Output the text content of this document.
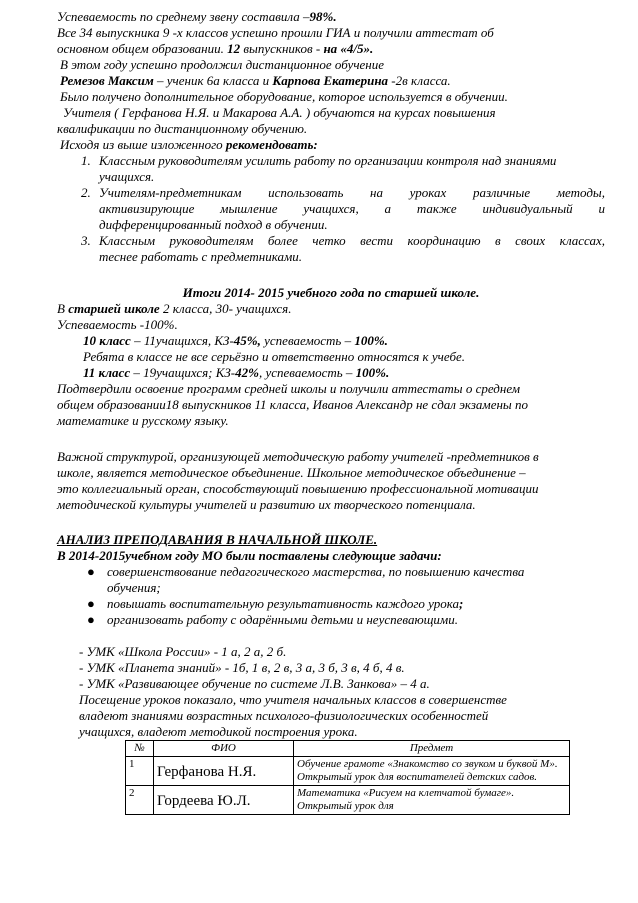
Успеваемость по среднему звену составила –98%.

Все 34 выпускника 9 -х классов успешно прошли ГИА и получили аттестат об

основном общем образовании. 12 выпускников - на «4/5».

В этом году успешно продолжил дистанционное обучение

Ремезов Максим – ученик 6а класса и Карпова Екатерина -2в класса.

Было получено дополнительное оборудование, которое используется в обучении.

Учителя ( Герфанова Н.Я. и Макарова А.А. ) обучаются на курсах повышения

квалификации по дистанционному обучению.

Исходя из выше изложенного рекомендовать:

1. Классным руководителям усилить работу по организации контроля над знаниями
учащихся.
2. Учителям-предметникам использовать на уроках различные методы,
активизирующие мышление учащихся, а также индивидуальный и
дифференцированный подход в обучении.
3. Классным руководителям более четко вести координацию в своих классах,
теснее работать с предметниками.

Итоги 2014- 2015 учебного года по старшей школе.

В старшей школе 2 класса, 30- учащихся.

Успеваемость -100%.

10 класс – 11учащихся, КЗ-45%, успеваемость – 100%.

Ребята в классе не все серьёзно и ответственно относятся к учебе.

11 класс – 19учащихся; КЗ-42%, успеваемость – 100%.

Подтвердили освоение программ средней школы и получили аттестаты о среднем

общем образовании18 выпускников 11 класса, Иванов Александр не сдал экзамены по

математике и русскому языку.

Важной структурой, организующей методическую работу учителей -предметников в

школе, является методическое объединение. Школьное методическое объединение –

это коллегиальный орган, способствующий повышению профессиональной мотивации

методической культуры учителей и развитию их творческого потенциала.

АНАЛИЗ ПРЕПОДАВАНИЯ В НАЧАЛЬНОЙ ШКОЛЕ.

В 2014-2015учебном году МО были поставлены следующие задачи:

● совершенствование педагогического мастерства, по повышению качества
обучения;
● повышать воспитательную результативность каждого урока;
● организовать работу с одарёнными детьми и неуспевающими.

- УМК «Школа России» - 1 а, 2 а, 2 б.

- УМК «Планета знаний» - 1б, 1 в, 2 в, 3 а, 3 б, 3 в, 4 б, 4 в.

- УМК «Развивающее обучение по системе Л.В. Занкова» – 4 а.

Посещение уроков показало, что учителя начальных классов в совершенстве

владеют знаниями возрастных психолого-физиологических особенностей

учащихся, владеют методикой построения урока.

№	ФИО	Предмет
1	Герфанова Н.Я.	Обучение грамоте «Знакомство со звуком и буквой М». Открытый урок для воспитателей детских садов.
2	Гордеева Ю.Л.	Математика «Рисуем на клетчатой бумаге». Открытый урок для
